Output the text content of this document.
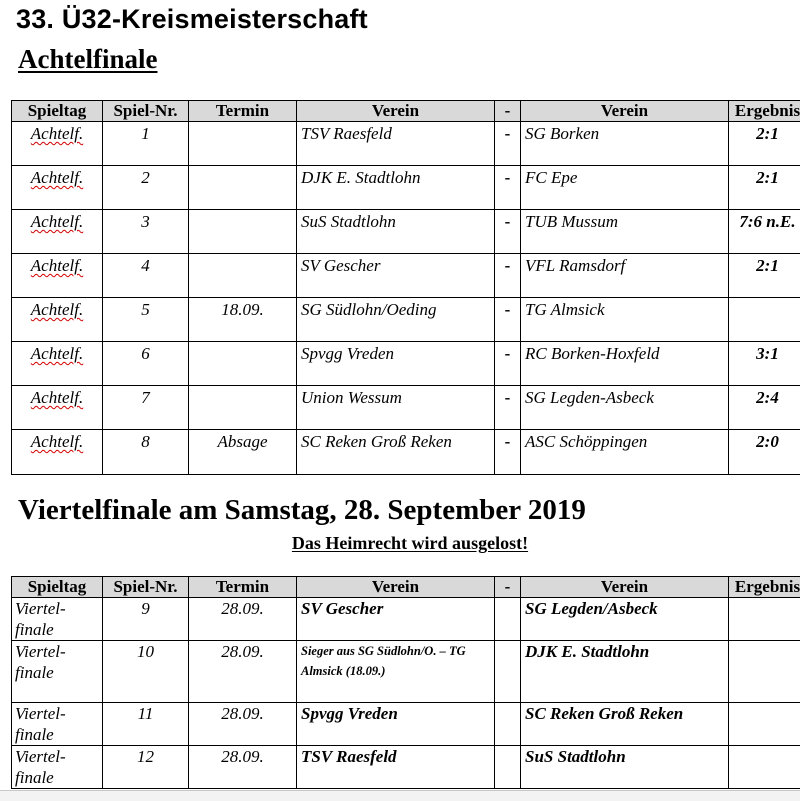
33. Ü32-Kreismeisterschaft
Achtelfinale
Spieltag	Spiel-Nr.	Termin	Verein	-	Verein	Ergebnis
Achtelf.	1		TSV Raesfeld	-	SG Borken	2:1
Achtelf.	2		DJK E. Stadtlohn	-	FC Epe	2:1
Achtelf.	3		SuS Stadtlohn	-	TUB Mussum	7:6 n.E.
Achtelf.	4		SV Gescher	-	VFL Ramsdorf	2:1
Achtelf.	5	18.09.	SG Südlohn/Oeding	-	TG Almsick	
Achtelf.	6		Spvgg Vreden	-	RC Borken-Hoxfeld	3:1
Achtelf.	7		Union Wessum	-	SG Legden-Asbeck	2:4
Achtelf.	8	Absage	SC Reken Groß Reken	-	ASC Schöppingen	2:0
Viertelfinale am Samstag, 28. September 2019

Das Heimrecht wird ausgelost!

Spieltag	Spiel-Nr.	Termin	Verein	-	Verein	Ergebnis
Viertel-finale	9	28.09.	SV Gescher		SG Legden/Asbeck	
Viertel-finale	10	28.09.	Sieger aus SG Südlohn/O. – TG Almsick (18.09.)		DJK E. Stadtlohn	
Viertel-finale	11	28.09.	Spvgg Vreden		SC Reken Groß Reken	
Viertel-finale	12	28.09.	TSV Raesfeld		SuS Stadtlohn	
